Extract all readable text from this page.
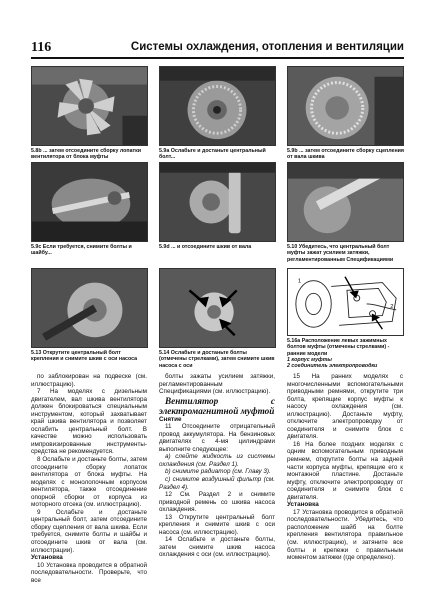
116	Системы охлаждения, отопления и вентиляции
5.8b ... затем отсоедините сборку лопатки вентилятора от блока муфты
5.9a Ослабьте и достаньте центральный болт...
5.9b ... затем отсоедините сборку сцепления от вала шкива
5.9c Если требуется, снимите болты и шайбу...
5.9d ... и отсоедините шкив от вала	5.10 Убедитесь, что центральный болт муфты зажат усилием затяжки, регламентированным Спецификациями
5.13 Открутите центральный болт крепления и снимите шкив с оси насоса
5.14 Ослабьте и достаньте болты (отмечены стрелками), затем снимите шкив насоса с оси
1
2
5.16a Расположение левых зажимных болтов муфты (отмечены стрелками) - ранние модели
1 корпус муфты
2 соединитель электропроводки

по заблокирован на подвеске (см. иллюстрацию).

7 На моделях с дизельным двигателем, вал шкива вентилятора должен блокироваться специальным инструментом, который захватывает край шкива вентилятора и позволяет ослабить центральный болт. В качестве можно использовать импровизированные инструменты-средства не рекомендуется.

8 Ослабьте и достаньте болты, затем отсоедините сборку лопаток вентилятора от блока муфты. На моделях с монолопочным корпусом вентилятора, также отсоединение опорной сборки от корпуса из моторного отсека (см. иллюстрацию).

9 Ослабьте и достаньте центральный болт, затем отсоедините сборку сцепления от вала шкива. Если требуется, снимите болты и шайбы и отсоедините шкив от вала (см. иллюстрации).

Установка

10 Установка проводится в обратной последовательности. Проверьте, что все

болты зажаты усилием затяжки, регламентированным Спецификациями (см. иллюстрацию).

Вентилятор с электромагнитной муфтой

Снятие

11 Отсоедините отрицательный провод аккумулятора. На бензиновых двигателях с 4-мя цилиндрами выполните следующее:

а) слейте жидкость из системы охлаждения (см. Раздел 1).

b) снимите радиатор (см. Главу 3).

с) снимите воздушный фильтр (см. Раздел 4).

12 См. Раздел 2 и снимите приводной ремень со шкива насоса охлаждения.

13 Открутите центральный болт крепления и снимите шкив с оси насоса (см. иллюстрацию).

14 Ослабьте и достаньте болты, затем снимите шкив насоса охлаждения с оси (см. иллюстрацию).

15 На ранних моделях с многочисленными вспомогательными приводными ремнями, открутите три болта, крепящие корпус муфты к насосу охлаждения (см. иллюстрацию). Достаньте муфту, отключите электропроводку от соединителя и снимите блок с двигателя.

16 На более поздних моделях с одним вспомогательным приводным ремнем, открутите болты на задней части корпуса муфты, крепящие его к монтажной пластине. Достаньте муфту, отключите электропроводку от соединителя и снимите блок с двигателя.

Установка

17 Установка проводится в обратной последовательности. Убедитесь, что расположение шайб на болте крепления вентилятора правильное (см. иллюстрацию), и затяните все болты и крепежи с правильным моментом затяжки (где определено).
